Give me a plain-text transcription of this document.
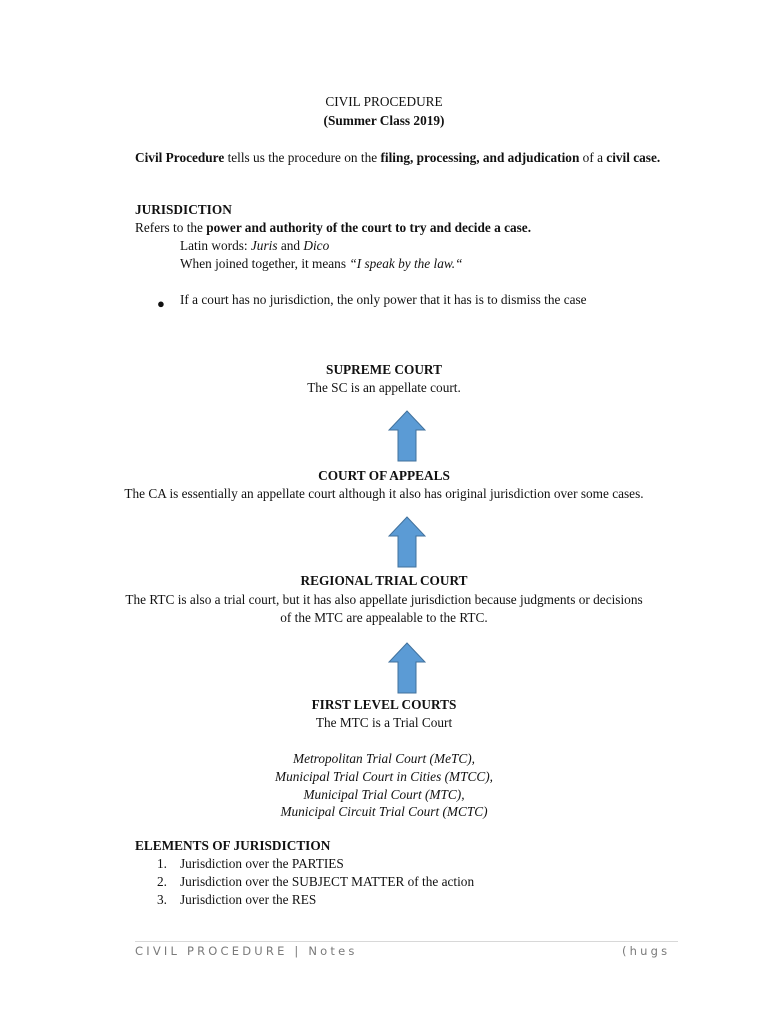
CIVIL PROCEDURE
(Summer Class 2019)
Civil Procedure tells us the procedure on the filing, processing, and adjudication of a civil case.
JURISDICTION
Refers to the power and authority of the court to try and decide a case.
Latin words: Juris and Dico
When joined together, it means “I speak by the law.“
● If a court has no jurisdiction, the only power that it has is to dismiss the case
SUPREME COURT
The SC is an appellate court.
COURT OF APPEALS
The CA is essentially an appellate court although it also has original jurisdiction over some cases.
REGIONAL TRIAL COURT
The RTC is also a trial court, but it has also appellate jurisdiction because judgments or decisions
of the MTC are appealable to the RTC.
FIRST LEVEL COURTS
The MTC is a Trial Court
Metropolitan Trial Court (MeTC),
Municipal Trial Court in Cities (MTCC),
Municipal Trial Court (MTC),
Municipal Circuit Trial Court (MCTC)
ELEMENTS OF JURISDICTION
1. Jurisdiction over the PARTIES
2. Jurisdiction over the SUBJECT MATTER of the action
3. Jurisdiction over the RES
CIVIL PROCEDURE | Notes	(hugs
